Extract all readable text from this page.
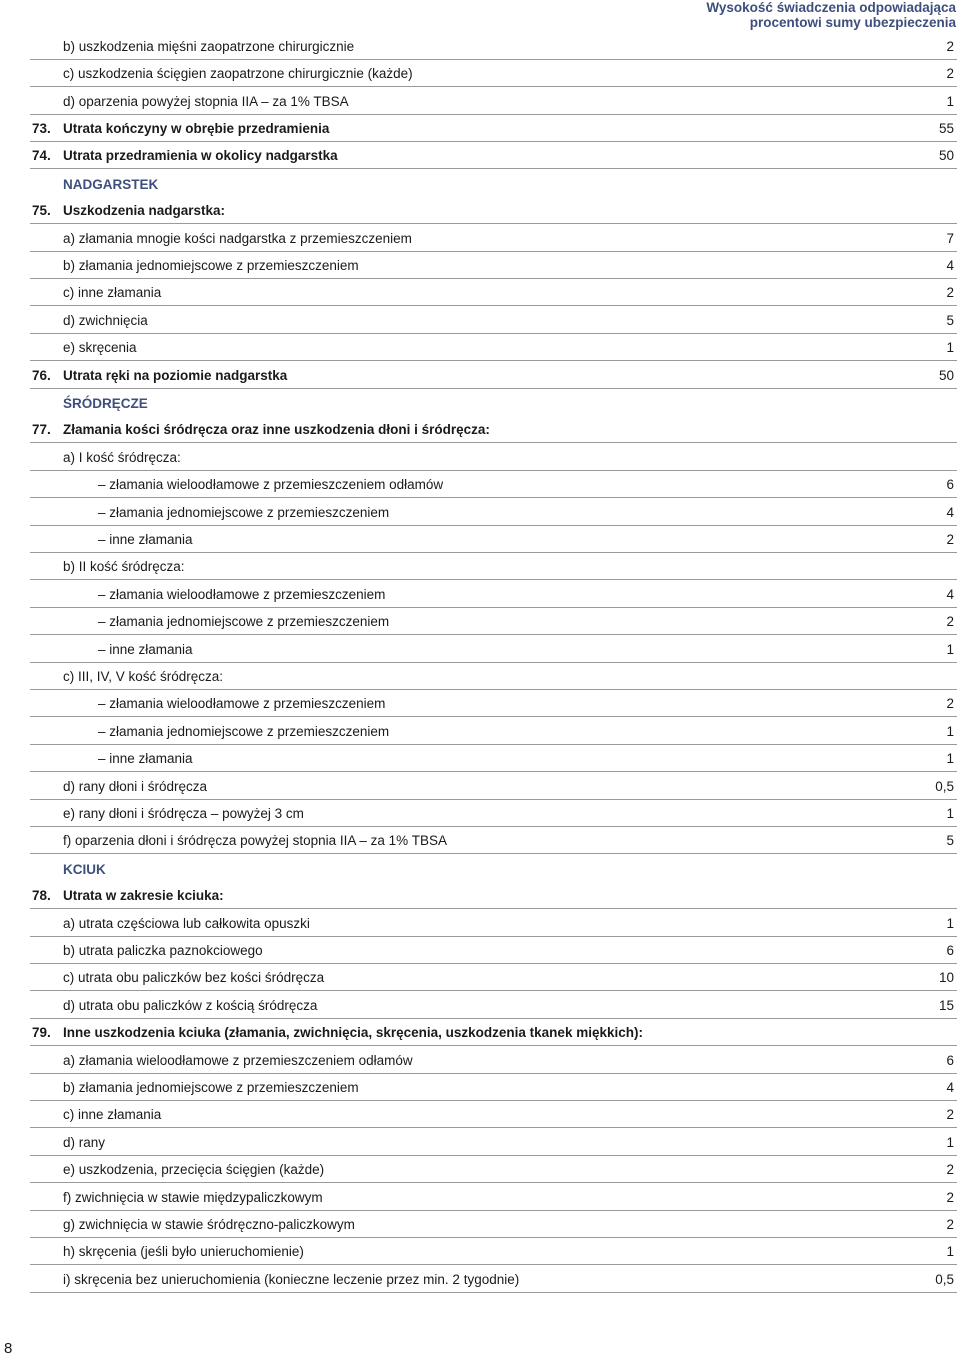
Wysokość świadczenia odpowiadająca
procentowi sumy ubezpieczenia
b) uszkodzenia mięśni zaopatrzone chirurgicznie	2
c) uszkodzenia ścięgien zaopatrzone chirurgicznie (każde)	2
d) oparzenia powyżej stopnia IIA – za 1% TBSA	1
73. Utrata kończyny w obrębie przedramienia	55
74. Utrata przedramienia w okolicy nadgarstka	50
NADGARSTEK
75. Uszkodzenia nadgarstka:
a) złamania mnogie kości nadgarstka z przemieszczeniem	7
b) złamania jednomiejscowe z przemieszczeniem	4
c) inne złamania	2
d) zwichnięcia	5
e) skręcenia	1
76. Utrata ręki na poziomie nadgarstka	50
ŚRÓDRĘCZE
77. Złamania kości śródręcza oraz inne uszkodzenia dłoni i śródręcza:
a) I kość śródręcza:
– złamania wieloodłamowe z przemieszczeniem odłamów	6
– złamania jednomiejscowe z przemieszczeniem	4
– inne złamania	2
b) II kość śródręcza:
– złamania wieloodłamowe z przemieszczeniem	4
– złamania jednomiejscowe z przemieszczeniem	2
– inne złamania	1
c) III, IV, V kość śródręcza:
– złamania wieloodłamowe z przemieszczeniem	2
– złamania jednomiejscowe z przemieszczeniem	1
– inne złamania	1
d) rany dłoni i śródręcza	0,5
e) rany dłoni i śródręcza – powyżej 3 cm	1
f) oparzenia dłoni i śródręcza powyżej stopnia IIA – za 1% TBSA	5
KCIUK
78. Utrata w zakresie kciuka:
a) utrata częściowa lub całkowita opuszki	1
b) utrata paliczka paznokciowego	6
c) utrata obu paliczków bez kości śródręcza	10
d) utrata obu paliczków z kością śródręcza	15
79. Inne uszkodzenia kciuka (złamania, zwichnięcia, skręcenia, uszkodzenia tkanek miękkich):
a) złamania wieloodłamowe z przemieszczeniem odłamów	6
b) złamania jednomiejscowe z przemieszczeniem	4
c) inne złamania	2
d) rany	1
e) uszkodzenia, przecięcia ścięgien (każde)	2
f) zwichnięcia w stawie międzypaliczkowym	2
g) zwichnięcia w stawie śródręczno-paliczkowym	2
h) skręcenia (jeśli było unieruchomienie)	1
i) skręcenia bez unieruchomienia (konieczne leczenie przez min. 2 tygodnie)	0,5
8
